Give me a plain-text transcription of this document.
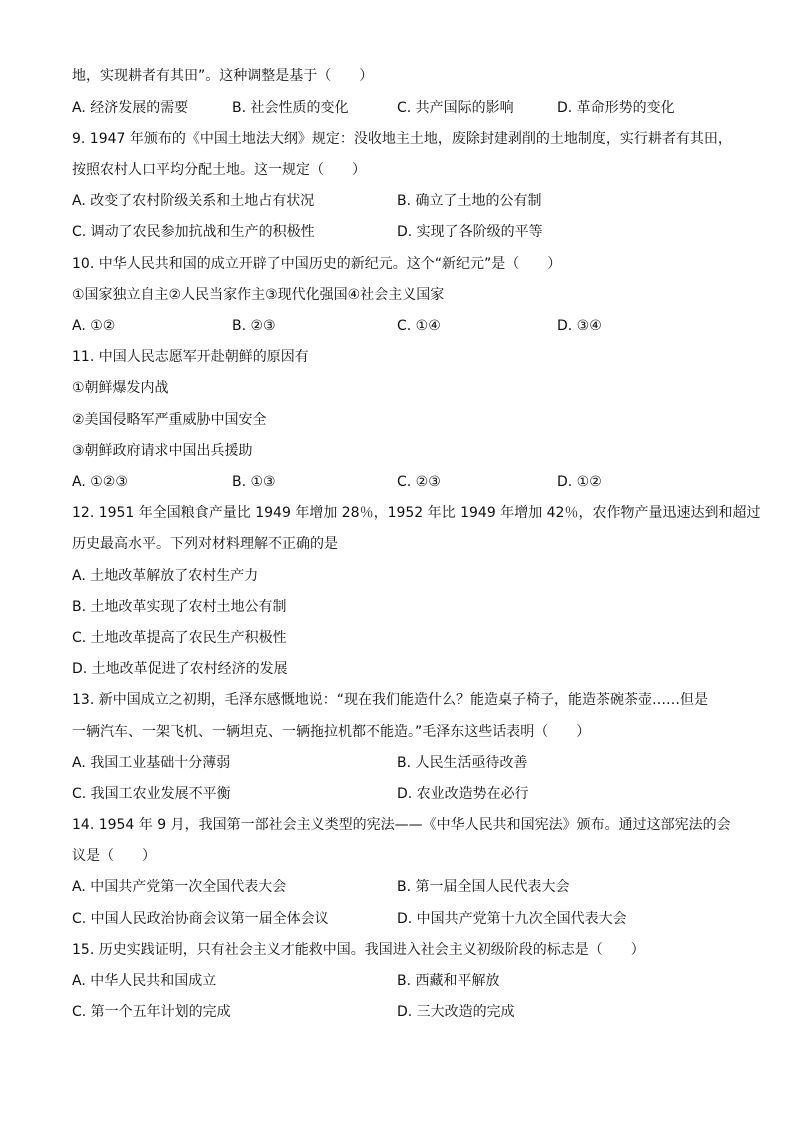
地，实现耕者有其田”。这种调整是基于（　　）
A. 经济发展的需要	B. 社会性质的变化	C. 共产国际的影响	D. 革命形势的变化
9. 1947 年颁布的《中国土地法大纲》规定：没收地主土地，废除封建剥削的土地制度，实行耕者有其田，
按照农村人口平均分配土地。这一规定（　　）
A. 改变了农村阶级关系和土地占有状况	B. 确立了土地的公有制
C. 调动了农民参加抗战和生产的积极性	D. 实现了各阶级的平等
10. 中华人民共和国的成立开辟了中国历史的新纪元。这个“新纪元”是（　　）
①国家独立自主②人民当家作主③现代化强国④社会主义国家
A. ①②	B. ②③	C. ①④	D. ③④
11. 中国人民志愿军开赴朝鲜的原因有
①朝鲜爆发内战
②美国侵略军严重威胁中国安全
③朝鲜政府请求中国出兵援助
A. ①②③	B. ①③	C. ②③	D. ①②
12. 1951 年全国粮食产量比 1949 年增加 28％，1952 年比 1949 年增加 42％，农作物产量迅速达到和超过
历史最高水平。下列对材料理解不正确的是
A. 土地改革解放了农村生产力
B. 土地改革实现了农村土地公有制
C. 土地改革提高了农民生产积极性
D. 土地改革促进了农村经济的发展
13. 新中国成立之初期，毛泽东感慨地说：“现在我们能造什么？能造桌子椅子，能造茶碗茶壶……但是
一辆汽车、一架飞机、一辆坦克、一辆拖拉机都不能造。”毛泽东这些话表明（　　）
A. 我国工业基础十分薄弱	B. 人民生活亟待改善
C. 我国工农业发展不平衡	D. 农业改造势在必行
14. 1954 年 9 月，我国第一部社会主义类型的宪法——《中华人民共和国宪法》颁布。通过这部宪法的会
议是（　　）
A. 中国共产党第一次全国代表大会	B. 第一届全国人民代表大会
C. 中国人民政治协商会议第一届全体会议	D. 中国共产党第十九次全国代表大会
15. 历史实践证明，只有社会主义才能救中国。我国进入社会主义初级阶段的标志是（　　）
A. 中华人民共和国成立	B. 西藏和平解放
C. 第一个五年计划的完成	D. 三大改造的完成
